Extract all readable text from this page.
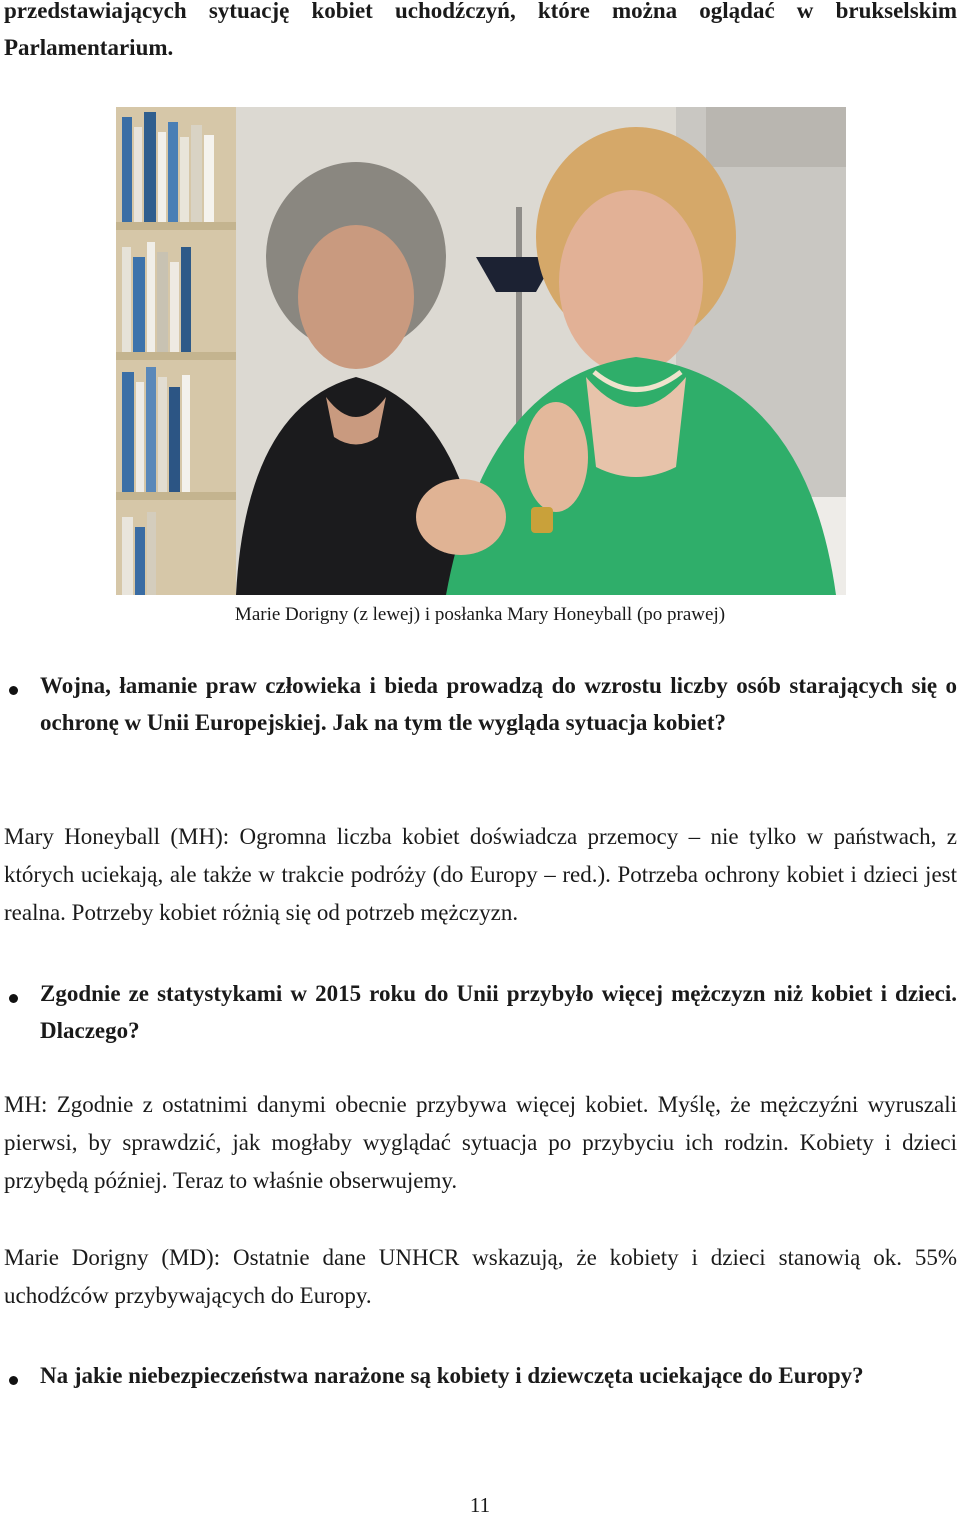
przedstawiających sytuację kobiet uchodźczyń, które można oglądać w brukselskim Parlamentarium.

Marie Dorigny (z lewej) i posłanka Mary Honeyball (po prawej)
Wojna, łamanie praw człowieka i bieda prowadzą do wzrostu liczby osób starających się o ochronę w Unii Europejskiej. Jak na tym tle wygląda sytuacja kobiet?

Mary Honeyball (MH): Ogromna liczba kobiet doświadcza przemocy – nie tylko w państwach, z których uciekają, ale także w trakcie podróży (do Europy – red.). Potrzeba ochrony kobiet i dzieci jest realna. Potrzeby kobiet różnią się od potrzeb mężczyzn.

Zgodnie ze statystykami w 2015 roku do Unii przybyło więcej mężczyzn niż kobiet i dzieci. Dlaczego?

MH: Zgodnie z ostatnimi danymi obecnie przybywa więcej kobiet. Myślę, że mężczyźni wyruszali pierwsi, by sprawdzić, jak mogłaby wyglądać sytuacja po przybyciu ich rodzin. Kobiety i dzieci przybędą później. Teraz to właśnie obserwujemy.

Marie Dorigny (MD): Ostatnie dane UNHCR wskazują, że kobiety i dzieci stanowią ok. 55% uchodźców przybywających do Europy.

Na jakie niebezpieczeństwa narażone są kobiety i dziewczęta uciekające do Europy?
11
